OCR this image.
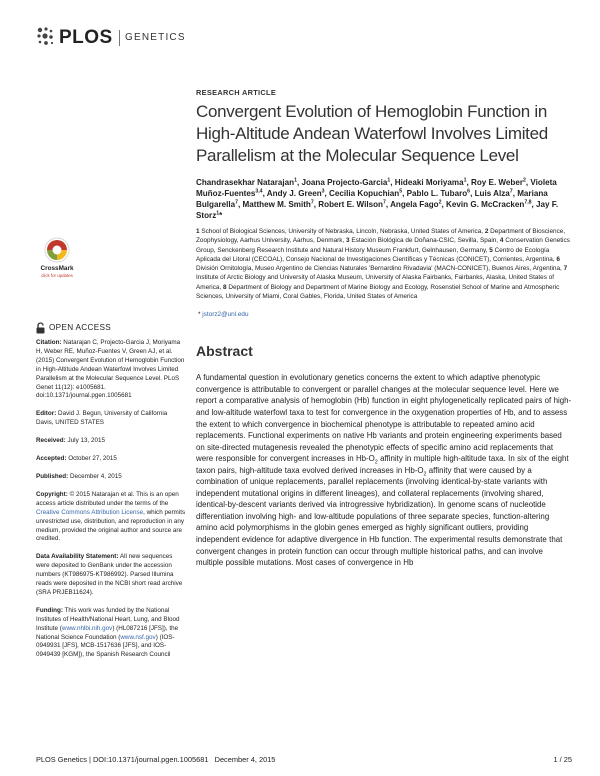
PLOS GENETICS
CrossMark
click for updates
OPEN ACCESS
Citation: Natarajan C, Projecto-Garcia J, Moriyama H, Weber RE, Muñoz-Fuentes V, Green AJ, et al. (2015) Convergent Evolution of Hemoglobin Function in High-Altitude Andean Waterfowl Involves Limited Parallelism at the Molecular Sequence Level. PLoS Genet 11(12): e1005681. doi:10.1371/journal.pgen.1005681
Editor: David J. Begun, University of California Davis, UNITED STATES
Received: July 13, 2015
Accepted: October 27, 2015
Published: December 4, 2015
Copyright: © 2015 Natarajan et al. This is an open access article distributed under the terms of the Creative Commons Attribution License, which permits unrestricted use, distribution, and reproduction in any medium, provided the original author and source are credited.
Data Availability Statement: All new sequences were deposited to GenBank under the accession numbers (KT986975-KT986992). Parsed Illumina reads were deposited in the NCBI short read archive (SRA PRJEB11624).
Funding: This work was funded by the National Institutes of Health/National Heart, Lung, and Blood Institute (www.nhlbi.nih.gov) (HL087216 [JFS]), the National Science Foundation (www.nsf.gov) (IOS-0949931 [JFS], MCB-1517636 [JFS], and IOS-0949439 [KGM]), the Spanish Research Council
RESEARCH ARTICLE
Convergent Evolution of Hemoglobin Function in High-Altitude Andean Waterfowl Involves Limited Parallelism at the Molecular Sequence Level
Chandrasekhar Natarajan$^1$, Joana Projecto-Garcia$^1$, Hideaki Moriyama$^1$, Roy E. Weber$^2$, Violeta Muñoz-Fuentes$^{3,4}$, Andy J. Green$^3$, Cecilia Kopuchian$^5$, Pablo L. Tubaro$^6$, Luis Alza$^7$, Mariana Bulgarella$^7$, Matthew M. Smith$^7$, Robert E. Wilson$^7$, Angela Fago$^2$, Kevin G. McCracken$^{7,8}$, Jay F. Storz$^1$*
1 School of Biological Sciences, University of Nebraska, Lincoln, Nebraska, United States of America, 2 Department of Bioscience, Zoophysiology, Aarhus University, Aarhus, Denmark, 3 Estación Biológica de Doñana-CSIC, Sevilla, Spain, 4 Conservation Genetics Group, Senckenberg Research Institute and Natural History Museum Frankfurt, Gelnhausen, Germany, 5 Centro de Ecología Aplicada del Litoral (CECOAL), Consejo Nacional de Investigaciones Científicas y Técnicas (CONICET), Corrientes, Argentina, 6 División Ornitología, Museo Argentino de Ciencias Naturales 'Bernardino Rivadavia' (MACN-CONICET), Buenos Aires, Argentina, 7 Institute of Arctic Biology and University of Alaska Museum, University of Alaska Fairbanks, Fairbanks, Alaska, United States of America, 8 Department of Biology and Department of Marine Biology and Ecology, Rosenstiel School of Marine and Atmospheric Sciences, University of Miami, Coral Gables, Florida, United States of America
* jstorz2@unl.edu
Abstract

A fundamental question in evolutionary genetics concerns the extent to which adaptive phenotypic convergence is attributable to convergent or parallel changes at the molecular sequence level. Here we report a comparative analysis of hemoglobin (Hb) function in eight phylogenetically replicated pairs of high- and low-altitude waterfowl taxa to test for convergence in the oxygenation properties of Hb, and to assess the extent to which convergence in biochemical phenotype is attributable to repeated amino acid replacements. Functional experiments on native Hb variants and protein engineering experiments based on site-directed mutagenesis revealed the phenotypic effects of specific amino acid replacements that were responsible for convergent increases in $Hb-O_2$ affinity in multiple high-altitude taxa. In six of the eight taxon pairs, high-altitude taxa evolved derived increases in $Hb-O_2$ affinity that were caused by a combination of unique replacements, parallel replacements (involving identical-by-state variants with independent mutational origins in different lineages), and collateral replacements (involving shared, identical-by-descent variants derived via introgressive hybridization). In genome scans of nucleotide differentiation involving high- and low-altitude populations of three separate species, function-altering amino acid polymorphisms in the globin genes emerged as highly significant outliers, providing independent evidence for adaptive divergence in Hb function. The experimental results demonstrate that convergent changes in protein function can occur through multiple historical paths, and can involve multiple possible mutations. Most cases of convergence in Hb

PLOS Genetics | DOI:10.1371/journal.pgen.1005681 December 4, 2015	1 / 25
